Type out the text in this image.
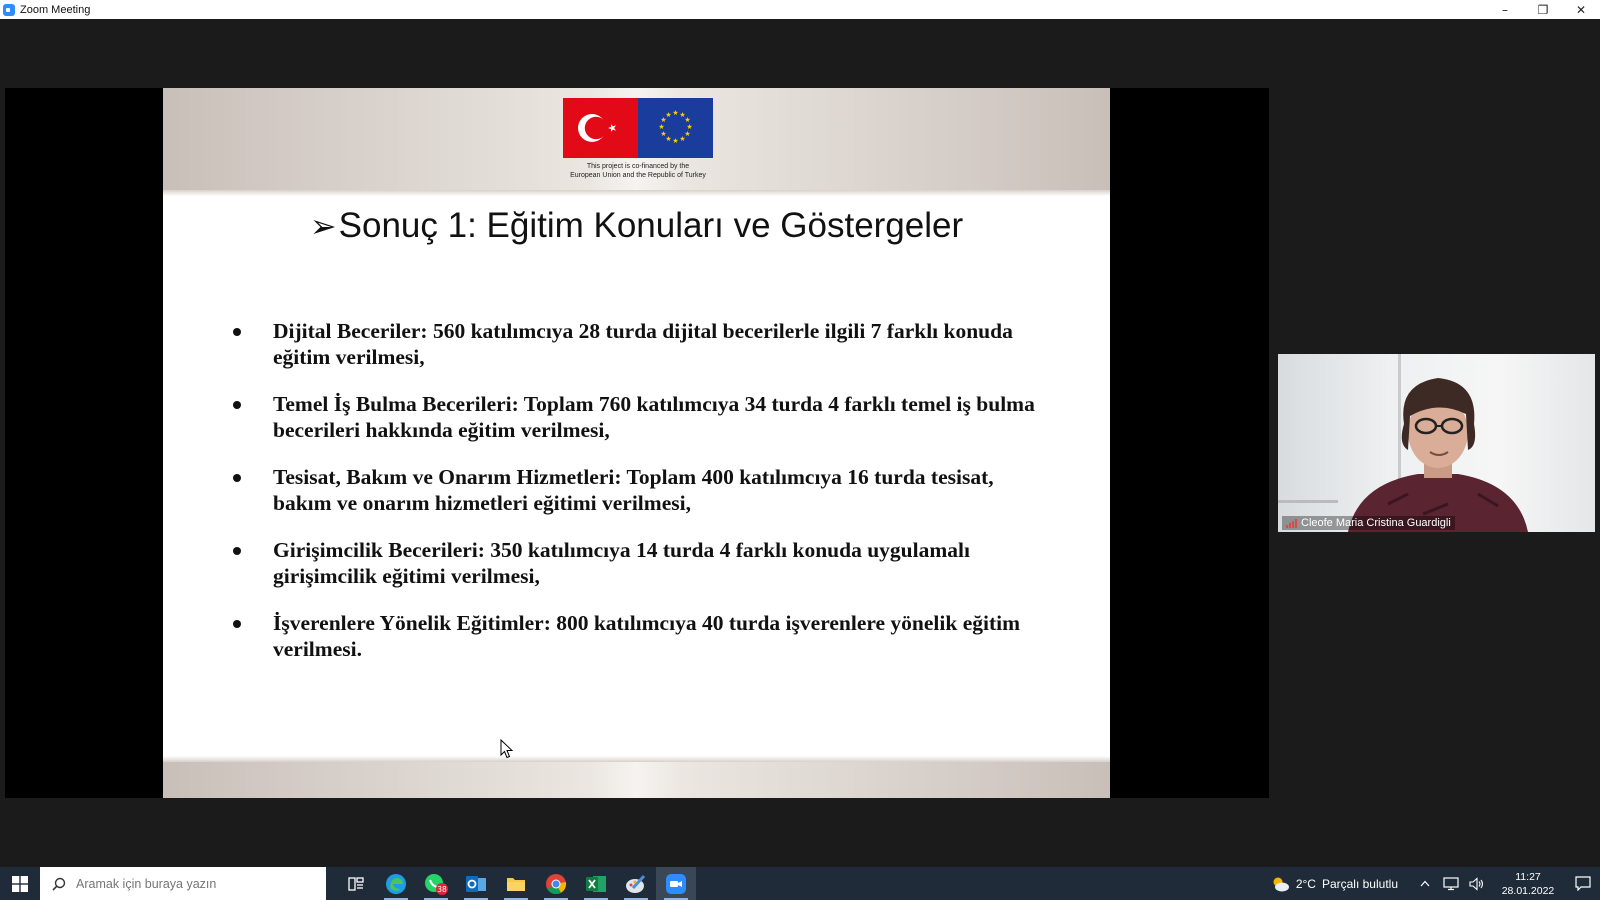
Zoom Meeting	–	❐	✕
★ ★
★
★
★
★
★
★
★
★
★
★
This project is co-financed by the
European Union and the Republic of Turkey
➢Sonuç 1: Eğitim Konuları ve Göstergeler
Dijital Beceriler: 560 katılımcıya 28 turda dijital becerilerle ilgili 7 farklı konuda eğitim verilmesi,
Temel İş Bulma Becerileri: Toplam 760 katılımcıya 34 turda 4 farklı temel iş bulma becerileri hakkında eğitim verilmesi,
Tesisat, Bakım ve Onarım Hizmetleri: Toplam 400 katılımcıya 16 turda tesisat, bakım ve onarım hizmetleri eğitimi verilmesi,
Girişimcilik Becerileri: 350 katılımcıya 14 turda 4 farklı konuda uygulamalı girişimcilik eğitimi verilmesi,
İşverenlere Yönelik Eğitimler: 800 katılımcıya 40 turda işverenlere yönelik eğitim verilmesi.
Cleofe Maria Cristina Guardigli
Aramak için buraya yazın
38	2°C Parçalı bulutlu	11:27
28.01.2022
